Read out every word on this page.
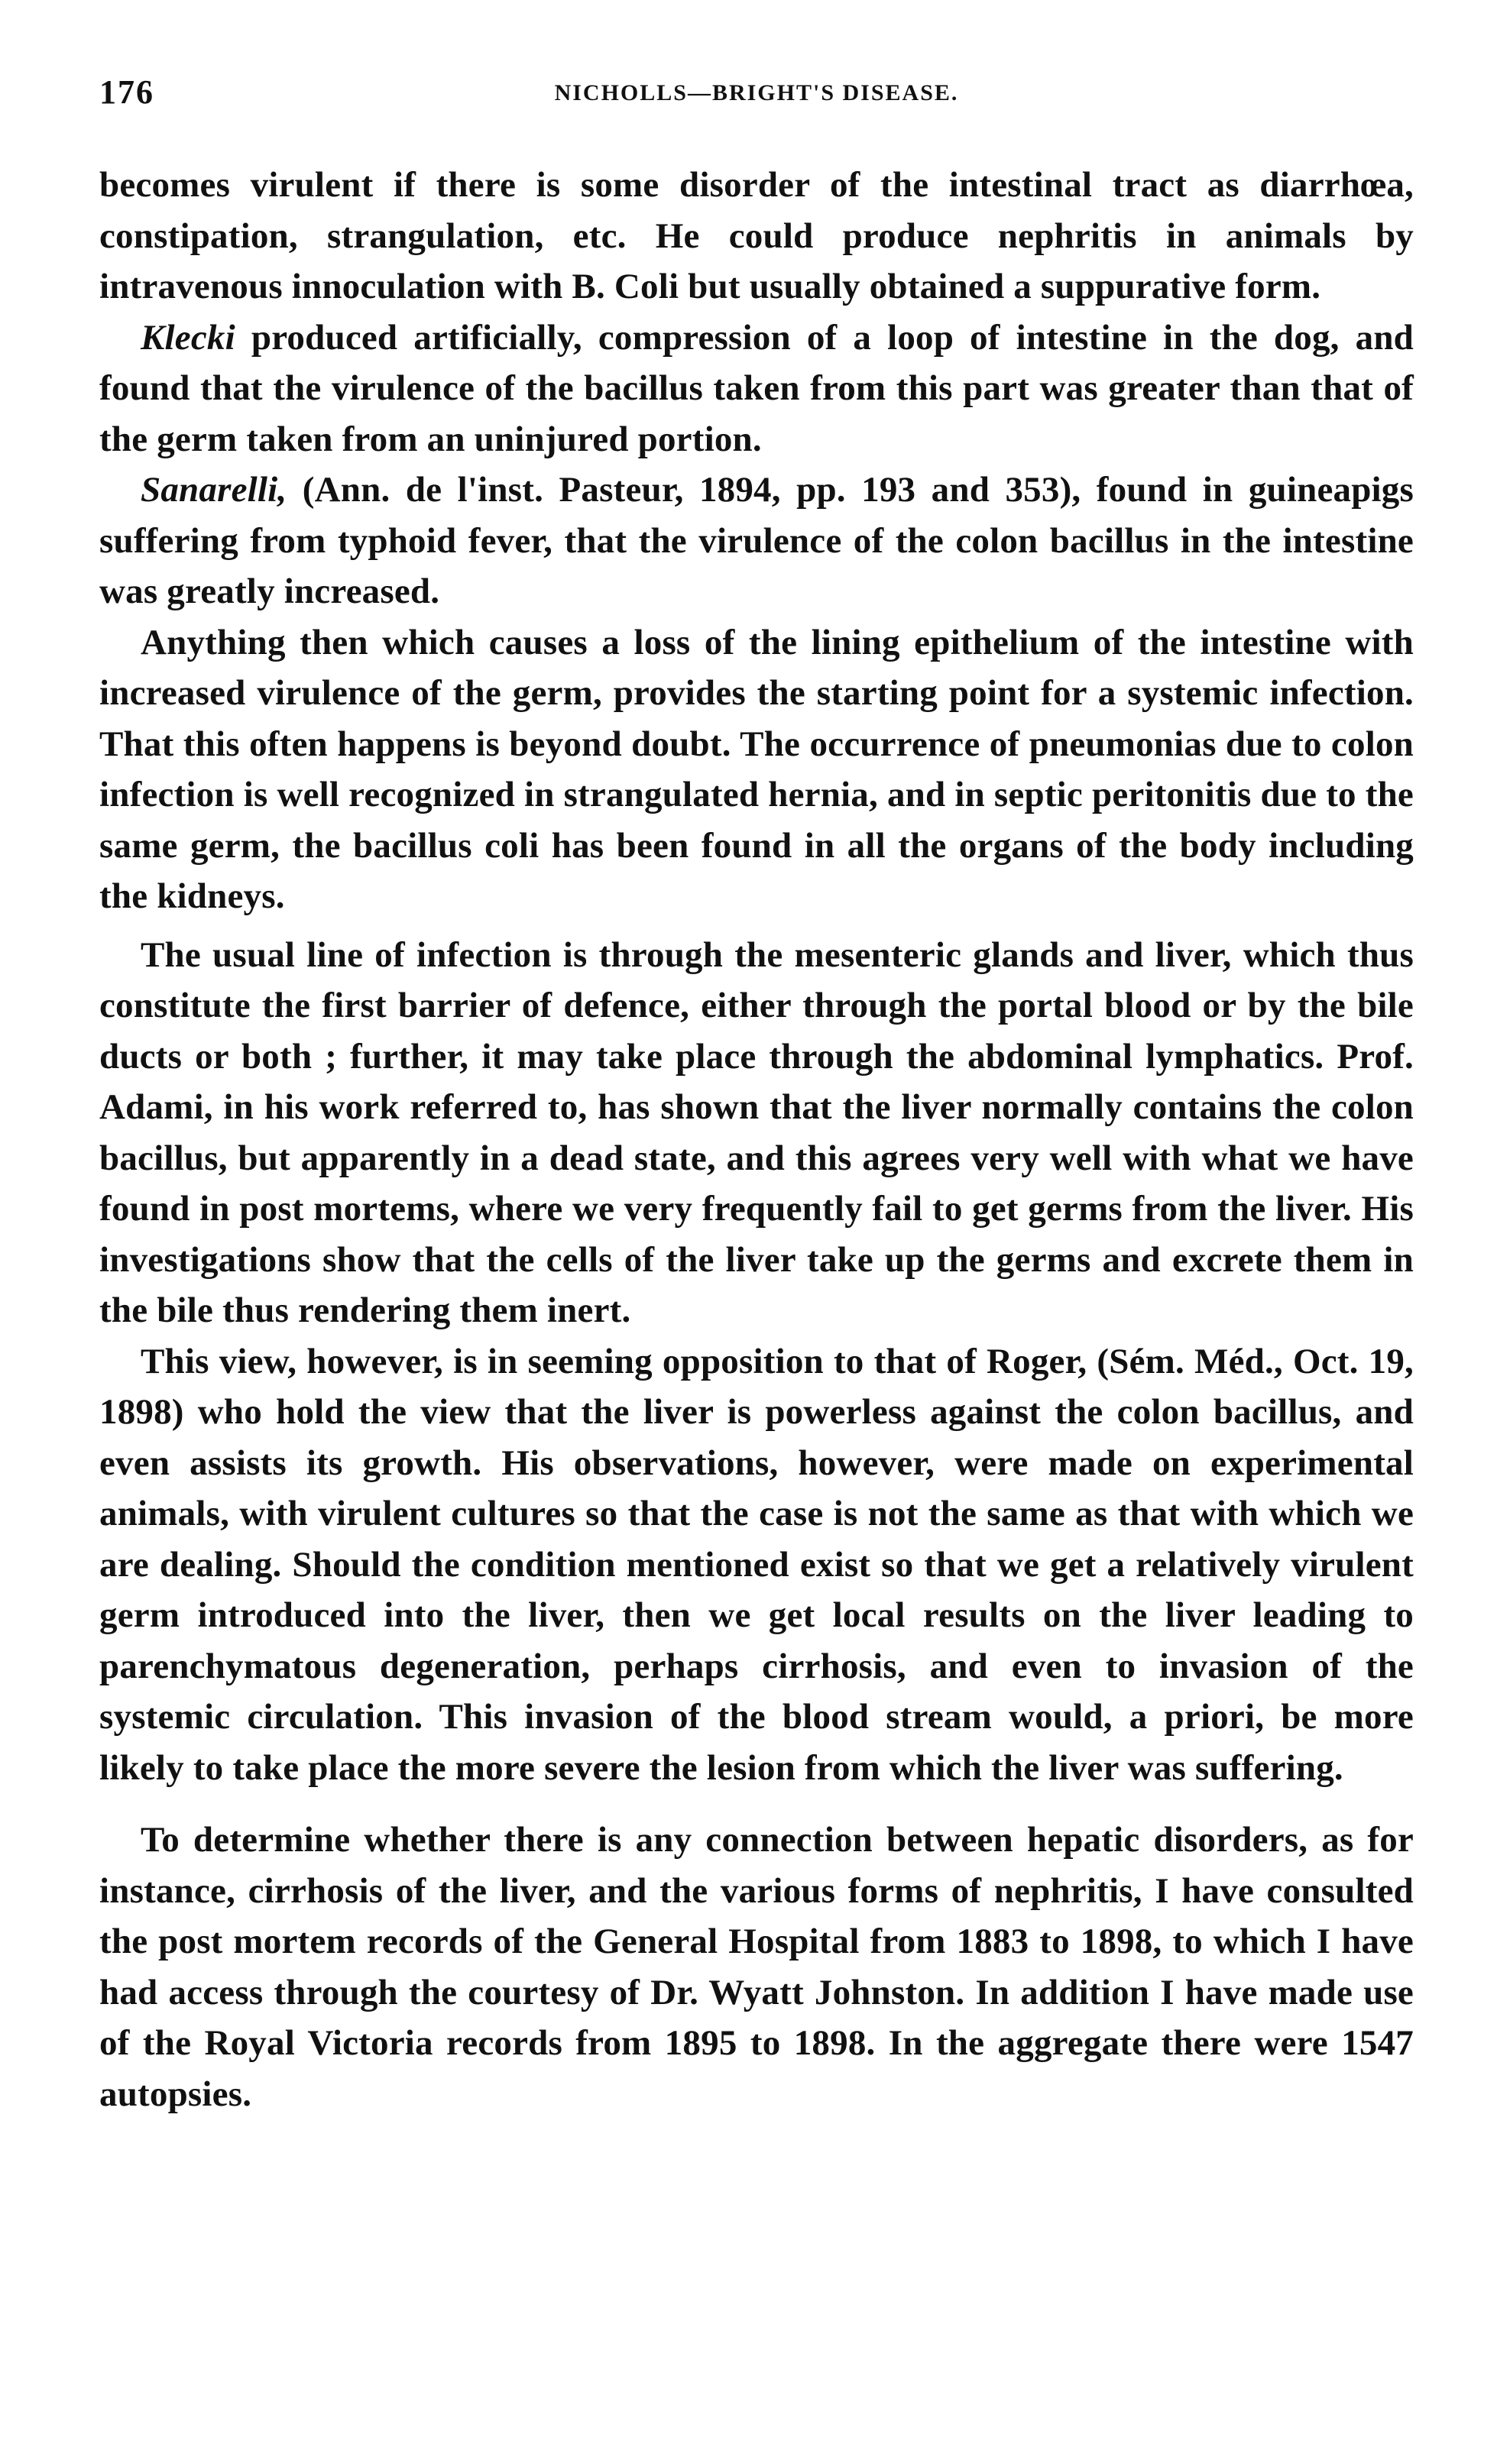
176	NICHOLLS—BRIGHT'S DISEASE.

becomes virulent if there is some disorder of the intestinal tract as diarrhœa, constipation, strangulation, etc. He could produce nephritis in animals by intravenous innoculation with B. Coli but usually obtained a suppurative form.

Klecki produced artificially, compression of a loop of intestine in the dog, and found that the virulence of the bacillus taken from this part was greater than that of the germ taken from an uninjured portion.

Sanarelli, (Ann. de l'inst. Pasteur, 1894, pp. 193 and 353), found in guineapigs suffering from typhoid fever, that the virulence of the colon bacillus in the intestine was greatly increased.

Anything then which causes a loss of the lining epithelium of the intestine with increased virulence of the germ, provides the starting point for a systemic infection. That this often happens is beyond doubt. The occurrence of pneumonias due to colon infection is well recognized in strangulated hernia, and in septic peritonitis due to the same germ, the bacillus coli has been found in all the organs of the body including the kidneys.

The usual line of infection is through the mesenteric glands and liver, which thus constitute the first barrier of defence, either through the portal blood or by the bile ducts or both ; further, it may take place through the abdominal lymphatics. Prof. Adami, in his work referred to, has shown that the liver normally contains the colon bacillus, but apparently in a dead state, and this agrees very well with what we have found in post mortems, where we very frequently fail to get germs from the liver. His investigations show that the cells of the liver take up the germs and excrete them in the bile thus rendering them inert.

This view, however, is in seeming opposition to that of Roger, (Sém. Méd., Oct. 19, 1898) who hold the view that the liver is powerless against the colon bacillus, and even assists its growth. His observations, however, were made on experimental animals, with virulent cultures so that the case is not the same as that with which we are dealing. Should the condition mentioned exist so that we get a relatively virulent germ introduced into the liver, then we get local results on the liver leading to parenchymatous degeneration, perhaps cirrhosis, and even to invasion of the systemic circulation. This invasion of the blood stream would, a priori, be more likely to take place the more severe the lesion from which the liver was suffering.

To determine whether there is any connection between hepatic disorders, as for instance, cirrhosis of the liver, and the various forms of nephritis, I have consulted the post mortem records of the General Hospital from 1883 to 1898, to which I have had access through the courtesy of Dr. Wyatt Johnston. In addition I have made use of the Royal Victoria records from 1895 to 1898. In the aggregate there were 1547 autopsies.
